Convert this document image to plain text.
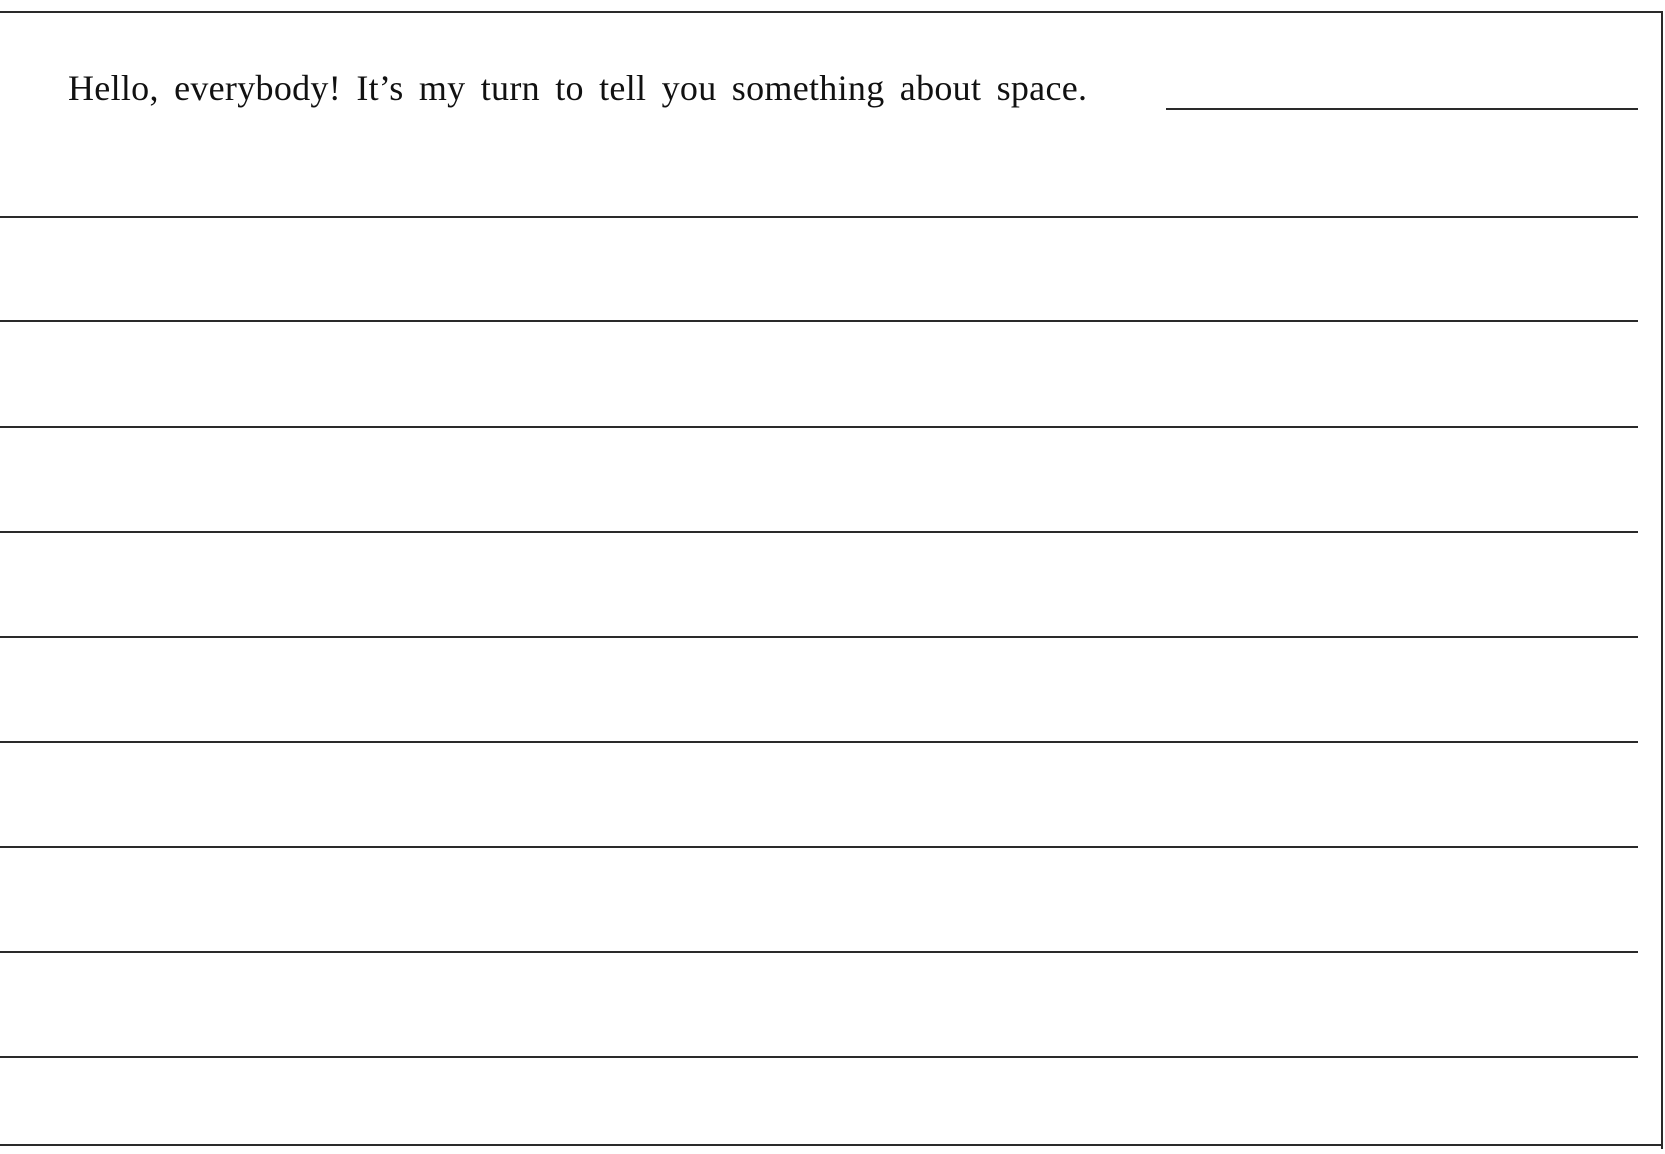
Hello, everybody! It’s my turn to tell you something about space.
